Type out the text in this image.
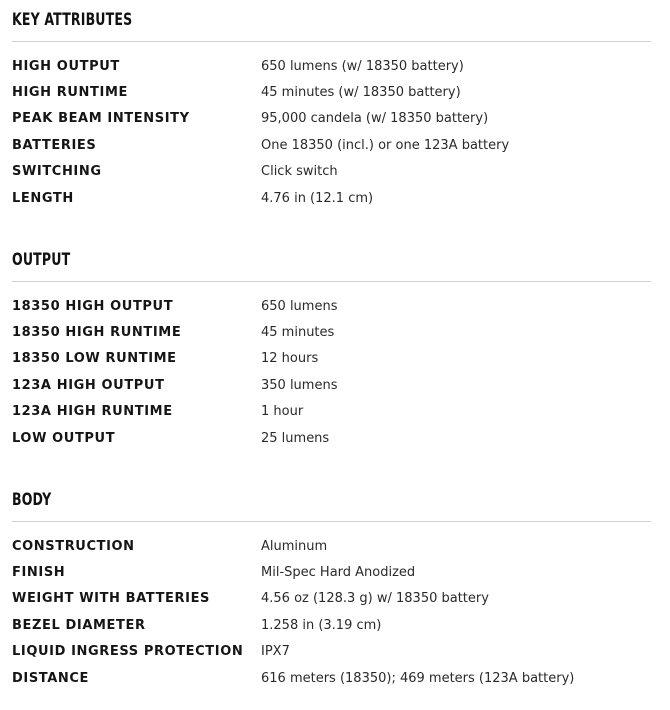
KEY ATTRIBUTES
HIGH OUTPUT	650 lumens (w/ 18350 battery)
HIGH RUNTIME	45 minutes (w/ 18350 battery)
PEAK BEAM INTENSITY	95,000 candela (w/ 18350 battery)
BATTERIES	One 18350 (incl.) or one 123A battery
SWITCHING	Click switch
LENGTH	4.76 in (12.1 cm)
OUTPUT
18350 HIGH OUTPUT	650 lumens
18350 HIGH RUNTIME	45 minutes
18350 LOW RUNTIME	12 hours
123A HIGH OUTPUT	350 lumens
123A HIGH RUNTIME	1 hour
LOW OUTPUT	25 lumens
BODY
CONSTRUCTION	Aluminum
FINISH	Mil-Spec Hard Anodized
WEIGHT WITH BATTERIES	4.56 oz (128.3 g) w/ 18350 battery
BEZEL DIAMETER	1.258 in (3.19 cm)
LIQUID INGRESS PROTECTION	IPX7
DISTANCE	616 meters (18350); 469 meters (123A battery)
